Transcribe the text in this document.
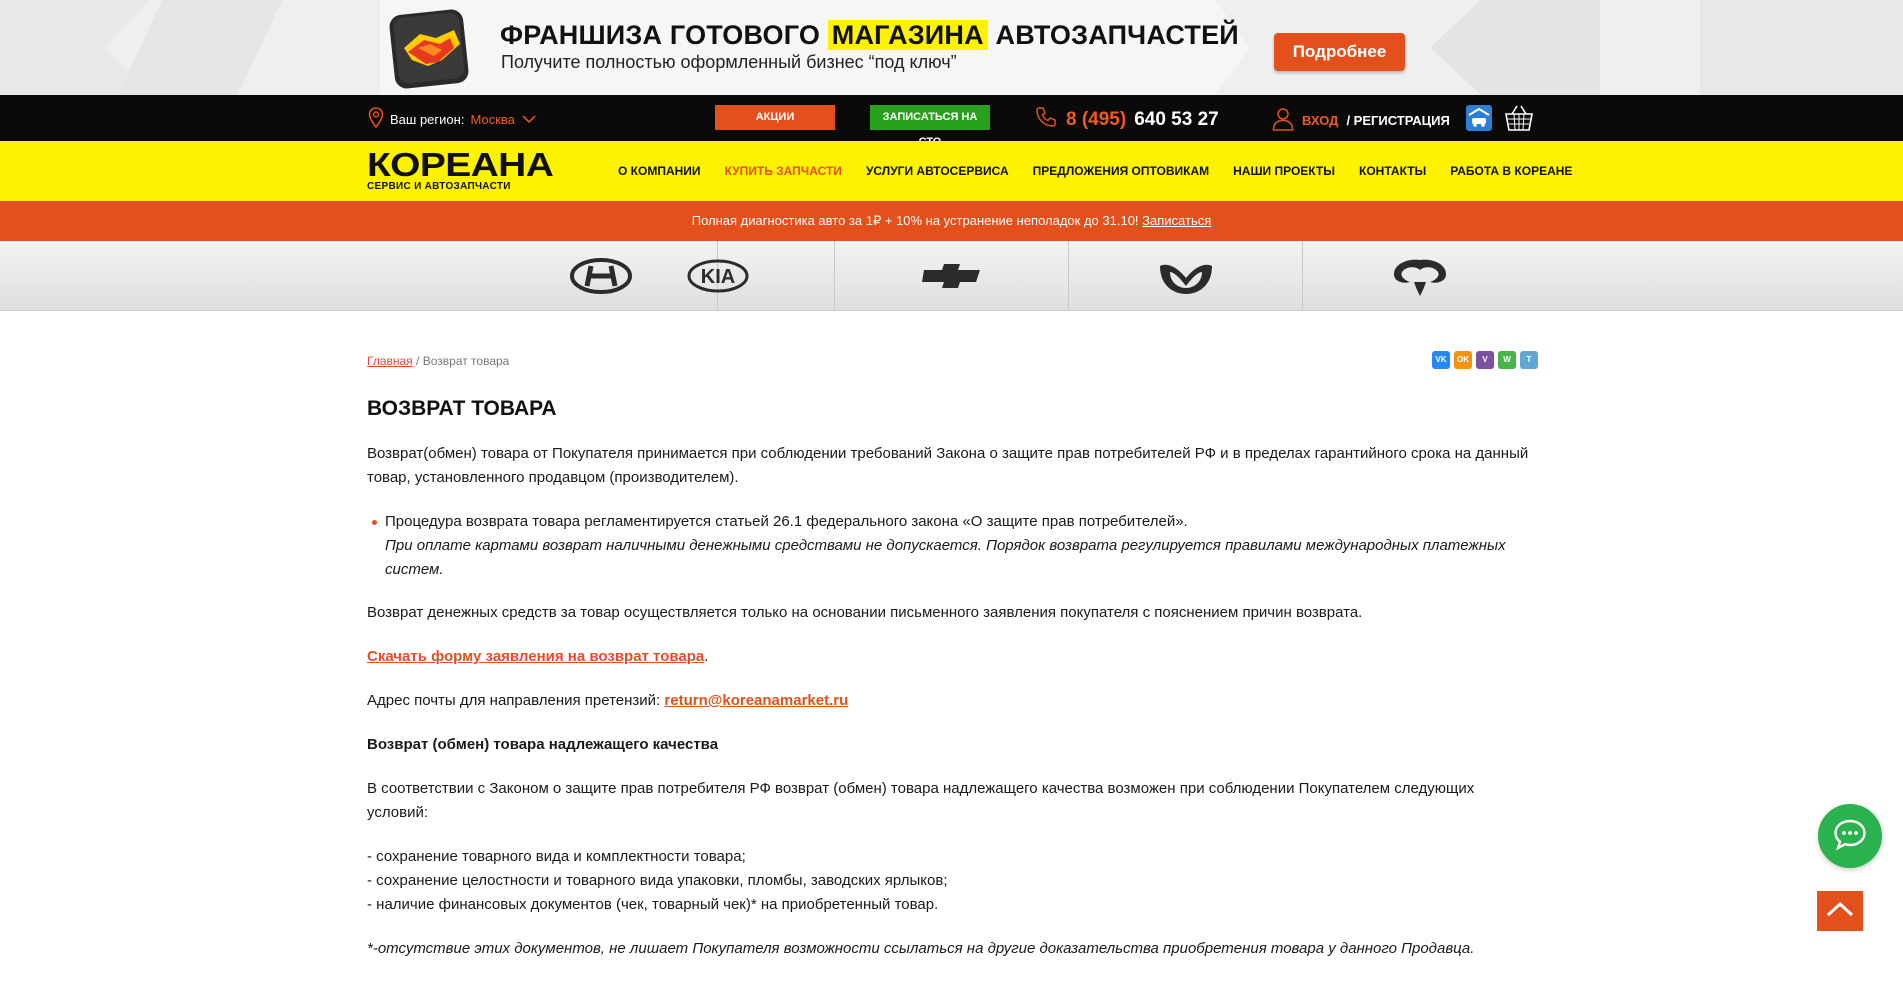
ФРАНШИЗА ГОТОВОГО МАГАЗИНА АВТОЗАПЧАСТЕЙ
Получите полностью оформленный бизнес “под ключ”
Подробнее
Ваш регион: Москва	АКЦИИ	ЗАПИСАТЬСЯ НА	8 (495) 640 53 27	ВХОД / РЕГИСТРАЦИЯ
КОРЕАНА
СЕРВИС И АВТОЗАПЧАСТИ
О КОМПАНИИ КУПИТЬ ЗАПЧАСТИ УСЛУГИ АВТОСЕРВИСА ПРЕДЛОЖЕНИЯ ОПТОВИКАМ НАШИ ПРОЕКТЫ КОНТАКТЫ РАБОТА В КОРЕАНЕ
Полная диагностика авто за 1₽ + 10% на устранение неполадок до 31.10! Записаться
KIA
Главная / Возврат товара	VK	OK	V	W	T
ВОЗВРАТ ТОВАРА

Возврат(обмен) товара от Покупателя принимается при соблюдении требований Закона о защите прав потребителей РФ и в пределах гарантийного срока на данный товар, установленного продавцом (производителем).

Процедура возврата товара регламентируется статьей 26.1 федерального закона «О защите прав потребителей».
При оплате картами возврат наличными денежными средствами не допускается. Порядок возврата регулируется правилами международных платежных систем.

Возврат денежных средств за товар осуществляется только на основании письменного заявления покупателя с пояснением причин возврата.

Скачать форму заявления на возврат товара.

Адрес почты для направления претензий: return@koreanamarket.ru

Возврат (обмен) товара надлежащего качества

В соответствии с Законом о защите прав потребителя РФ возврат (обмен) товара надлежащего качества возможен при соблюдении Покупателем следующих условий:

- сохранение товарного вида и комплектности товара;
- сохранение целостности и товарного вида упаковки, пломбы, заводских ярлыков;
- наличие финансовых документов (чек, товарный чек)* на приобретенный товар.

*-отсутствие этих документов, не лишает Покупателя возможности ссылаться на другие доказательства приобретения товара у данного Продавца.
